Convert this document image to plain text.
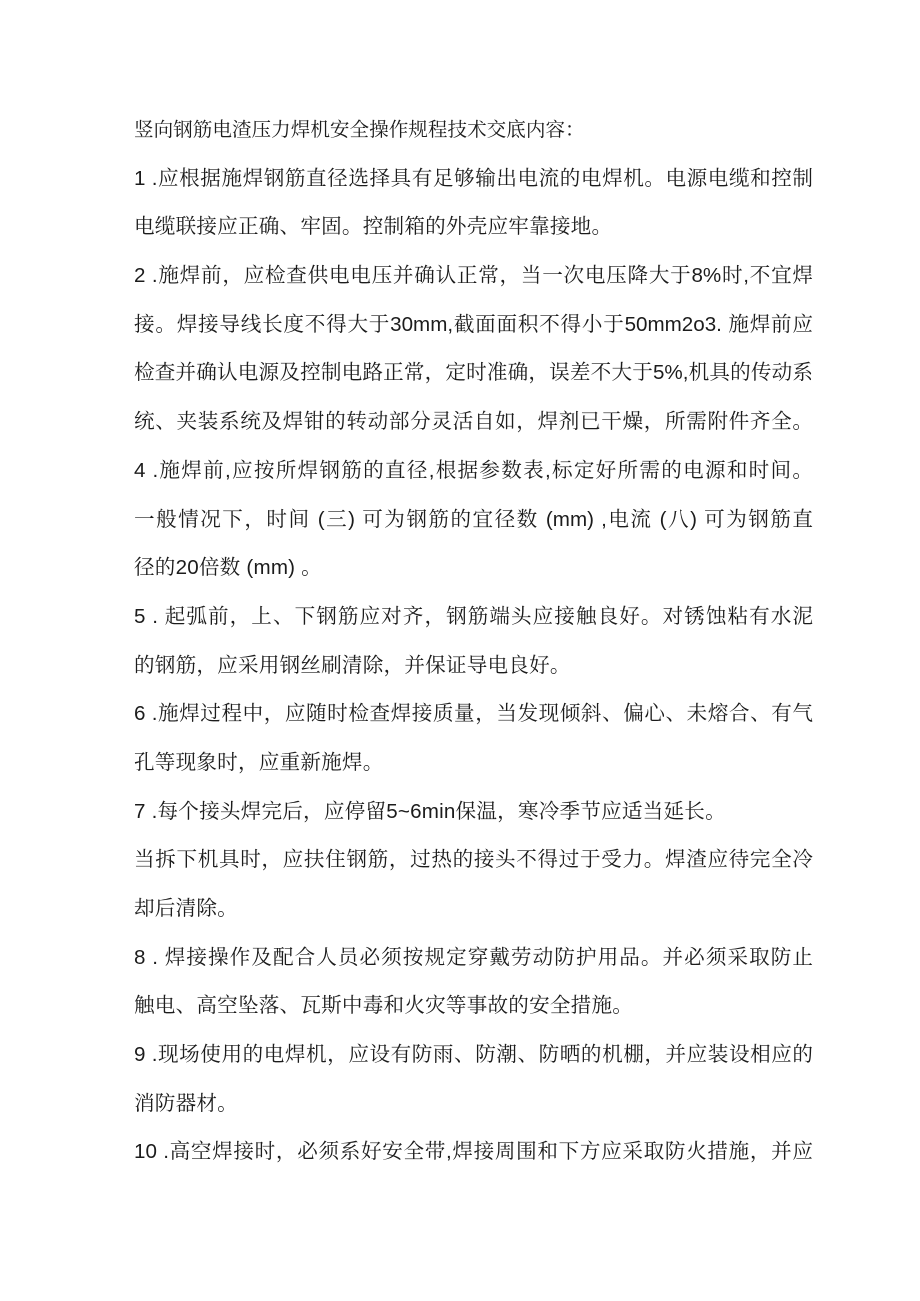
竖向钢筋电渣压力焊机安全操作规程技术交底内容：
1 .应根据施焊钢筋直径选择具有足够输出电流的电焊机。电源电缆和控制
电缆联接应正确、牢固。控制箱的外壳应牢靠接地。
2 .施焊前，应检查供电电压并确认正常，当一次电压降大于8%时,不宜焊
接。焊接导线长度不得大于30mm,截面面积不得小于50mm2o3. 施焊前应
检查并确认电源及控制电路正常，定时准确，误差不大于5%,机具的传动系
统、夹装系统及焊钳的转动部分灵活自如，焊剂已干燥，所需附件齐全。
4 .施焊前,应按所焊钢筋的直径,根据参数表,标定好所需的电源和时间。
一般情况下，时间 (三) 可为钢筋的宜径数 (mm) ,电流 (八) 可为钢筋直
径的20倍数 (mm) 。
5 . 起弧前，上、下钢筋应对齐，钢筋端头应接触良好。对锈蚀粘有水泥
的钢筋，应采用钢丝刷清除，并保证导电良好。
6 .施焊过程中，应随时检查焊接质量，当发现倾斜、偏心、未熔合、有气
孔等现象时，应重新施焊。
7 .每个接头焊完后，应停留5~6min保温，寒冷季节应适当延长。
当拆下机具时，应扶住钢筋，过热的接头不得过于受力。焊渣应待完全冷
却后清除。
8 . 焊接操作及配合人员必须按规定穿戴劳动防护用品。并必须采取防止
触电、高空坠落、瓦斯中毒和火灾等事故的安全措施。
9 .现场使用的电焊机，应设有防雨、防潮、防晒的机棚，并应装设相应的
消防器材。
10 .高空焊接时，必须系好安全带,焊接周围和下方应采取防火措施，并应
